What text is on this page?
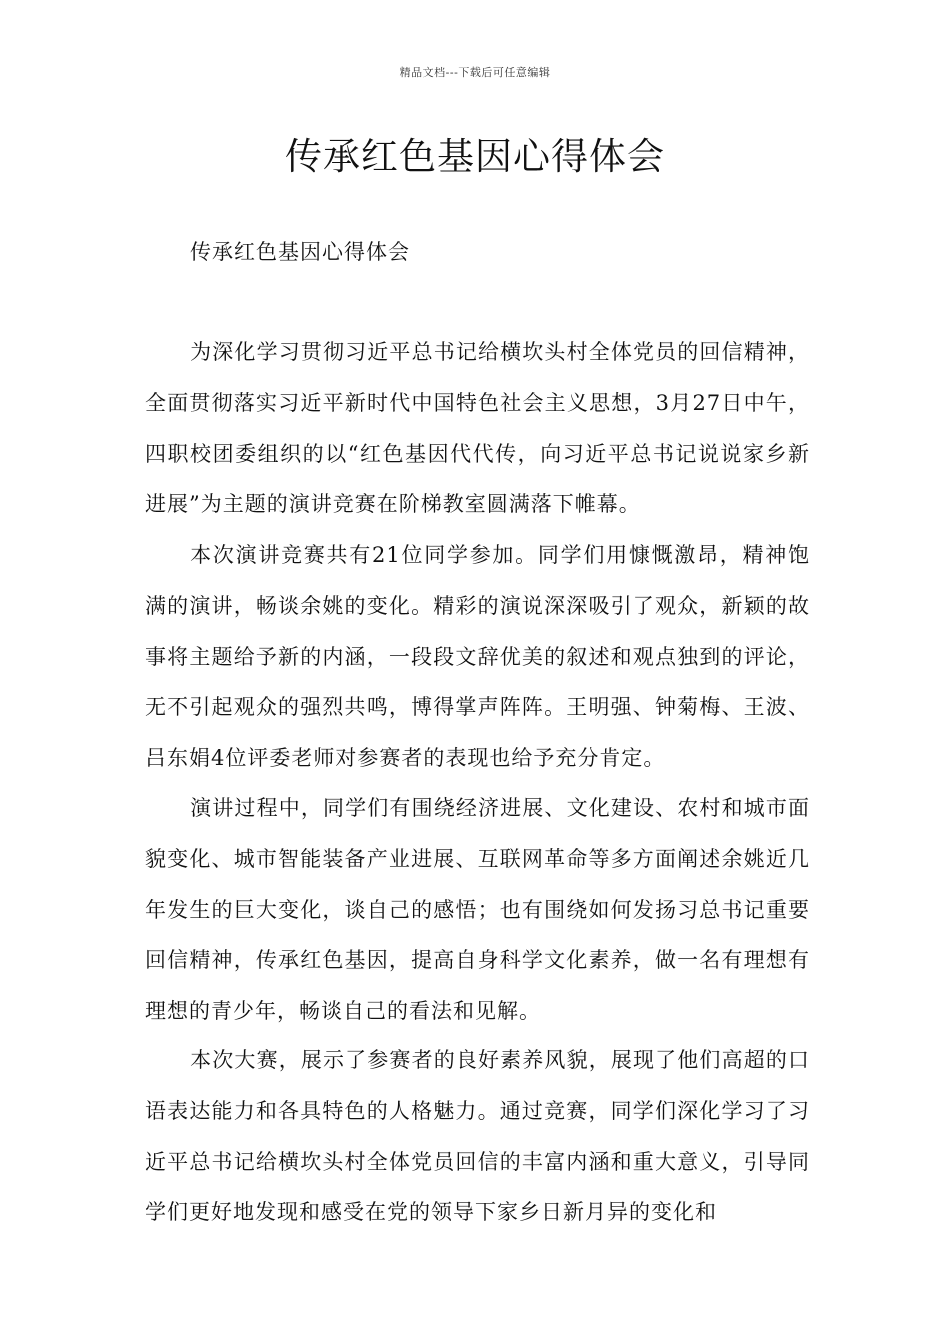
精品文档---下载后可任意编辑
传承红色基因心得体会
传承红色基因心得体会

为深化学习贯彻习近平总书记给横坎头村全体党员的回信精神，全面贯彻落实习近平新时代中国特色社会主义思想，3月27日中午，四职校团委组织的以“红色基因代代传，向习近平总书记说说家乡新进展”为主题的演讲竞赛在阶梯教室圆满落下帷幕。

本次演讲竞赛共有21位同学参加。同学们用慷慨激昂，精神饱满的演讲，畅谈余姚的变化。精彩的演说深深吸引了观众，新颖的故事将主题给予新的内涵，一段段文辞优美的叙述和观点独到的评论，无不引起观众的强烈共鸣，博得掌声阵阵。王明强、钟菊梅、王波、吕东娟4位评委老师对参赛者的表现也给予充分肯定。

演讲过程中，同学们有围绕经济进展、文化建设、农村和城市面貌变化、城市智能装备产业进展、互联网革命等多方面阐述余姚近几年发生的巨大变化，谈自己的感悟；也有围绕如何发扬习总书记重要回信精神，传承红色基因，提高自身科学文化素养，做一名有理想有理想的青少年，畅谈自己的看法和见解。

本次大赛，展示了参赛者的良好素养风貌，展现了他们高超的口语表达能力和各具特色的人格魅力。通过竞赛，同学们深化学习了习近平总书记给横坎头村全体党员回信的丰富内涵和重大意义，引导同学们更好地发现和感受在党的领导下家乡日新月异的变化和
